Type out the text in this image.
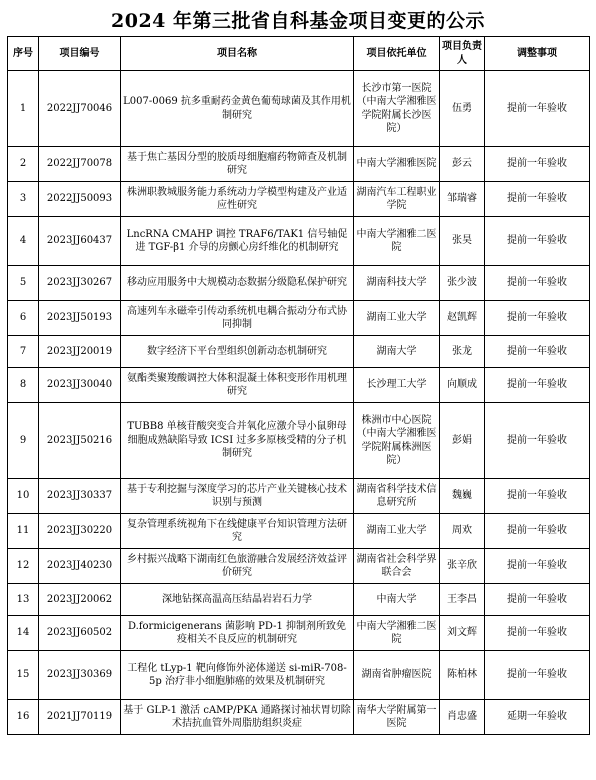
2024 年第三批省自科基金项目变更的公示
序号	项目编号	项目名称	项目依托单位	项目负责人	调整事项
1	2022JJ70046	L007-0069 抗多重耐药金黄色葡萄球菌及其作用机制研究	长沙市第一医院（中南大学湘雅医学院附属长沙医院）	伍勇	提前一年验收
2	2022JJ70078	基于焦亡基因分型的胶质母细胞瘤药物筛查及机制研究	中南大学湘雅医院	彭云	提前一年验收
3	2022JJ50093	株洲职教城服务能力系统动力学模型构建及产业适应性研究	湖南汽车工程职业学院	邹瑞睿	提前一年验收
4	2023JJ60437	LncRNA CMAHP 调控 TRAF6/TAK1 信号轴促进 TGF-β1 介导的房颤心房纤维化的机制研究	中南大学湘雅二医院	张昊	提前一年验收
5	2023JJ30267	移动应用服务中大规模动态数据分级隐私保护研究	湖南科技大学	张少波	提前一年验收
6	2023JJ50193	高速列车永磁牵引传动系统机电耦合振动分布式协同抑制	湖南工业大学	赵凯辉	提前一年验收
7	2023JJ20019	数字经济下平台型组织创新动态机制研究	湖南大学	张龙	提前一年验收
8	2023JJ30040	氨酯类聚羧酸调控大体积混凝土体积变形作用机理研究	长沙理工大学	向顺成	提前一年验收
9	2023JJ50216	TUBB8 单核苷酸突变合并氧化应激介导小鼠卵母细胞成熟缺陷导致 ICSI 过多多原核受精的分子机制研究	株洲市中心医院（中南大学湘雅医学院附属株洲医院）	彭娟	提前一年验收
10	2023JJ30337	基于专利挖掘与深度学习的芯片产业关键核心技术识别与预测	湖南省科学技术信息研究所	魏巍	提前一年验收
11	2023JJ30220	复杂管理系统视角下在线健康平台知识管理方法研究	湖南工业大学	周欢	提前一年验收
12	2023JJ40230	乡村振兴战略下湖南红色旅游融合发展经济效益评价研究	湖南省社会科学界联合会	张辛欣	提前一年验收
13	2023JJ20062	深地钻探高温高压结晶岩岩石力学	中南大学	王李昌	提前一年验收
14	2023JJ60502	D.formicigenerans 菌影响 PD-1 抑制剂所致免疫相关不良反应的机制研究	中南大学湘雅二医院	刘文辉	提前一年验收
15	2023JJ30369	工程化 tLyp-1 靶向修饰外泌体递送 si-miR-708-5p 治疗非小细胞肺癌的效果及机制研究	湖南省肿瘤医院	陈柏林	提前一年验收
16	2021JJ70119	基于 GLP-1 激活 cAMP/PKA 通路探讨袖状胃切除术拮抗血管外周脂肪组织炎症	南华大学附属第一医院	肖忠盛	延期一年验收
